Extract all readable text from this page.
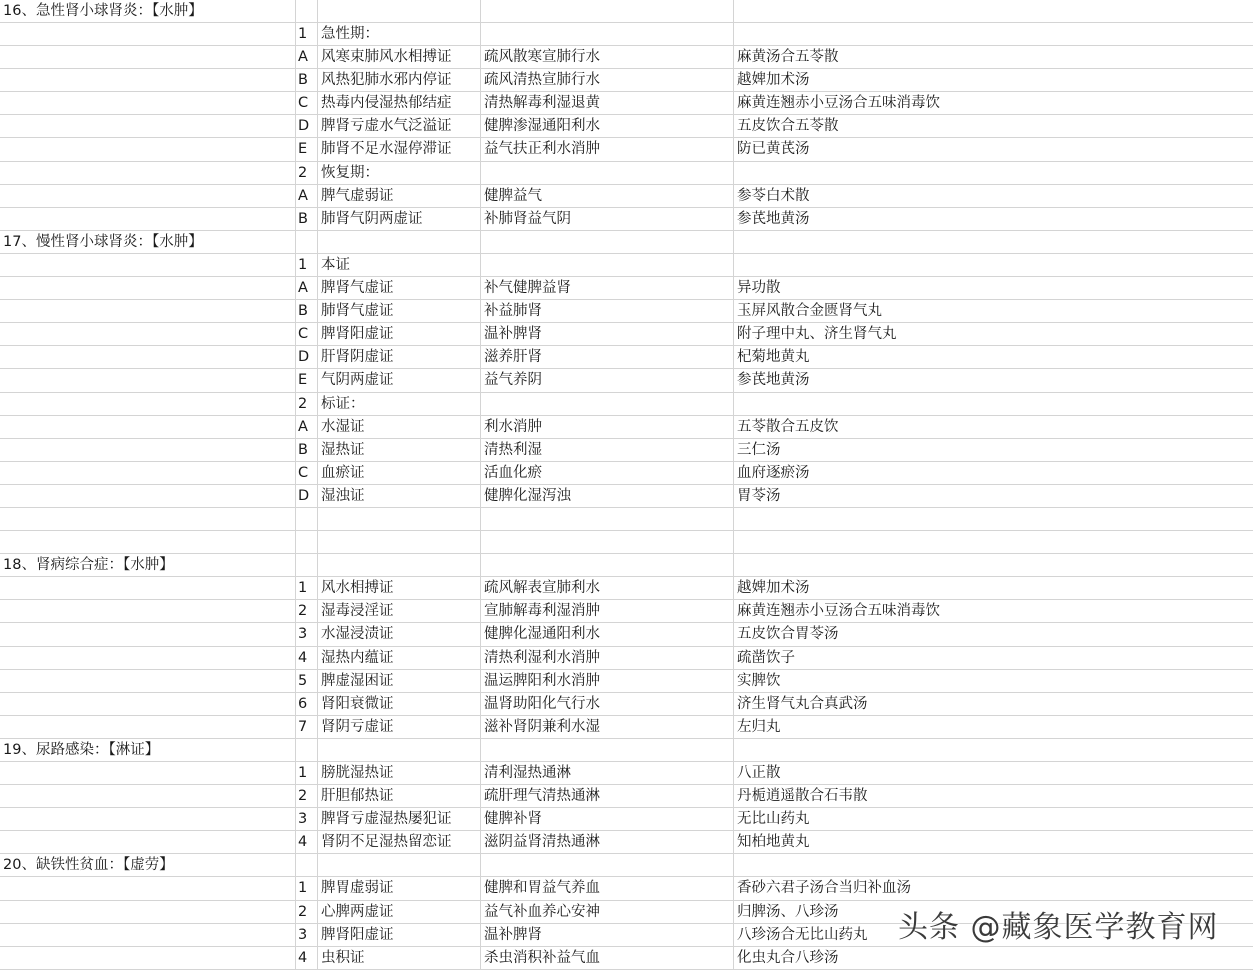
16、急性肾小球肾炎：【水肿】
1 急性期：
A 风寒束肺风水相搏证	疏风散寒宣肺行水	麻黄汤合五苓散
B 风热犯肺水邪内停证	疏风清热宣肺行水	越婢加术汤
C 热毒内侵湿热郁结症	清热解毒利湿退黄	麻黄连翘赤小豆汤合五味消毒饮
D 脾肾亏虚水气泛溢证	健脾渗湿通阳利水	五皮饮合五苓散
E 肺肾不足水湿停滞证	益气扶正利水消肿	防已黄芪汤
2 恢复期：
A 脾气虚弱证	健脾益气	参苓白术散
B 肺肾气阴两虚证	补肺肾益气阴	参芪地黄汤
17、慢性肾小球肾炎：【水肿】
1 本证
A 脾肾气虚证	补气健脾益肾	异功散
B 肺肾气虚证	补益肺肾	玉屏风散合金匮肾气丸
C 脾肾阳虚证	温补脾肾	附子理中丸、济生肾气丸
D 肝肾阴虚证	滋养肝肾	杞菊地黄丸
E 气阴两虚证	益气养阴	参芪地黄汤
2 标证：
A 水湿证	利水消肿	五苓散合五皮饮
B 湿热证	清热利湿	三仁汤
C 血瘀证	活血化瘀	血府逐瘀汤
D 湿浊证	健脾化湿泻浊	胃苓汤
18、肾病综合症：【水肿】
1 风水相搏证	疏风解表宣肺利水	越婢加术汤
2 湿毒浸淫证	宣肺解毒利湿消肿	麻黄连翘赤小豆汤合五味消毒饮
3 水湿浸渍证	健脾化湿通阳利水	五皮饮合胃苓汤
4 湿热内蕴证	清热利湿利水消肿	疏凿饮子
5 脾虚湿困证	温运脾阳利水消肿	实脾饮
6 肾阳衰微证	温肾助阳化气行水	济生肾气丸合真武汤
7 肾阴亏虚证	滋补肾阴兼利水湿	左归丸
19、尿路感染：【淋证】
1 膀胱湿热证	清利湿热通淋	八正散
2 肝胆郁热证	疏肝理气清热通淋	丹栀逍遥散合石韦散
3 脾肾亏虚湿热屡犯证	健脾补肾	无比山药丸
4 肾阴不足湿热留恋证	滋阴益肾清热通淋	知柏地黄丸
20、缺铁性贫血：【虚劳】
1 脾胃虚弱证	健脾和胃益气养血	香砂六君子汤合当归补血汤
2 心脾两虚证	益气补血养心安神	归脾汤、八珍汤
3 脾肾阳虚证	温补脾肾	八珍汤合无比山药丸
4 虫积证	杀虫消积补益气血	化虫丸合八珍汤
头条 @藏象医学教育网
